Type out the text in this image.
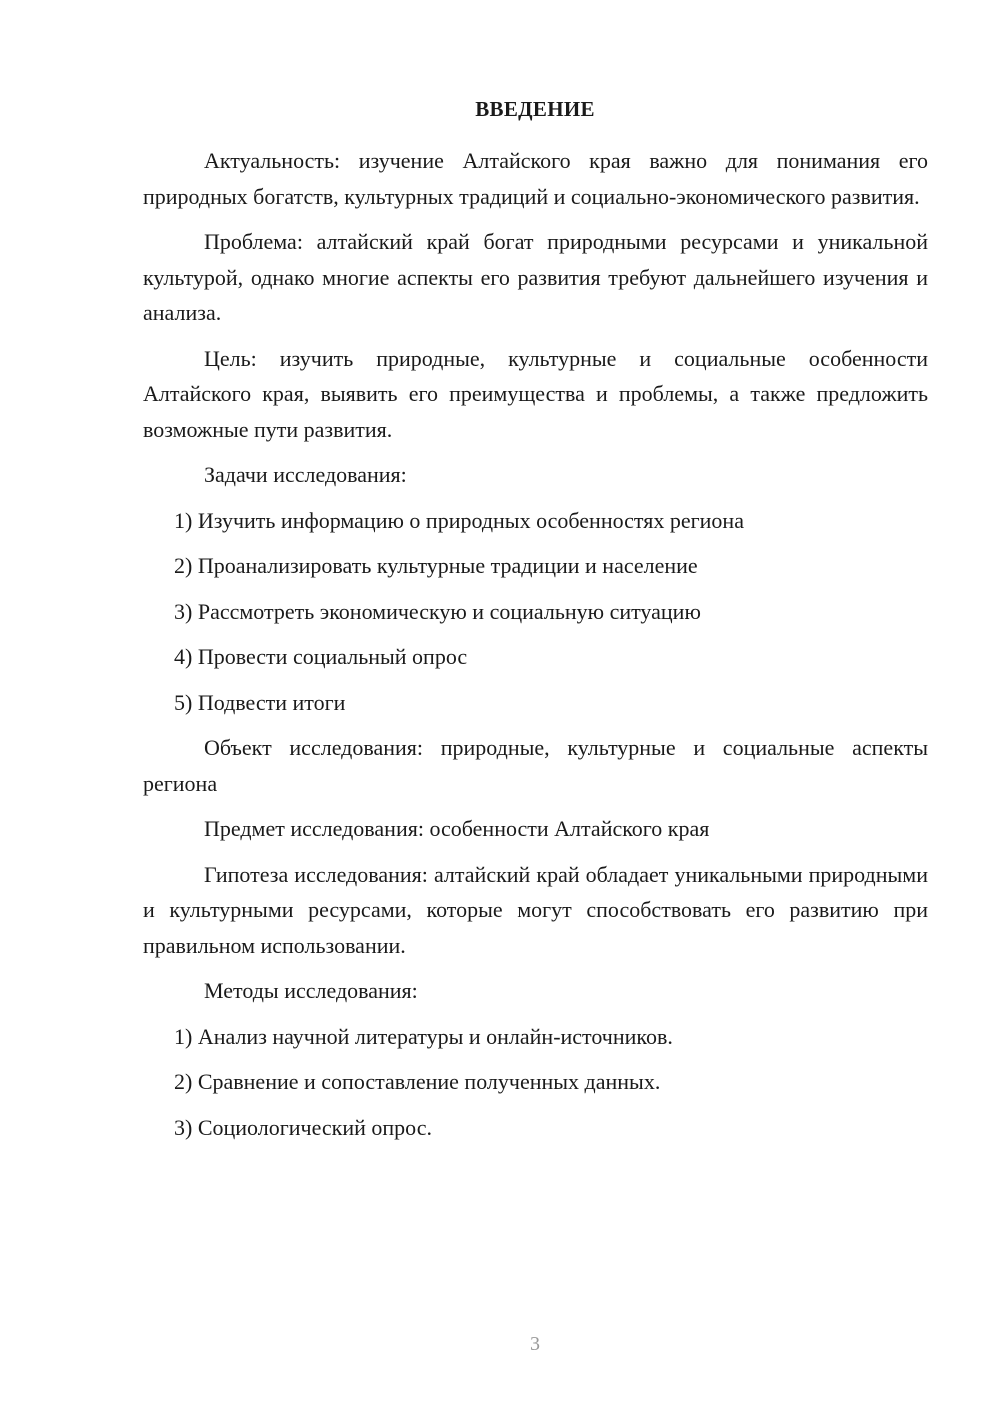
ВВЕДЕНИЕ

Актуальность: изучение Алтайского края важно для понимания его природных богатств, культурных традиций и социально-экономического развития.

Проблема: алтайский край богат природными ресурсами и уникальной культурой, однако многие аспекты его развития требуют дальнейшего изучения и анализа.

Цель: изучить природные, культурные и социальные особенности Алтайского края, выявить его преимущества и проблемы, а также предложить возможные пути развития.

Задачи исследования:

1) Изучить информацию о природных особенностях региона
2) Проанализировать культурные традиции и население
3) Рассмотреть экономическую и социальную ситуацию
4) Провести социальный опрос
5) Подвести итоги

Объект исследования: природные, культурные и социальные аспекты региона

Предмет исследования: особенности Алтайского края

Гипотеза исследования: алтайский край обладает уникальными природными и культурными ресурсами, которые могут способствовать его развитию при правильном использовании.

Методы исследования:

1) Анализ научной литературы и онлайн-источников.
2) Сравнение и сопоставление полученных данных.
3) Социологический опрос.
3
